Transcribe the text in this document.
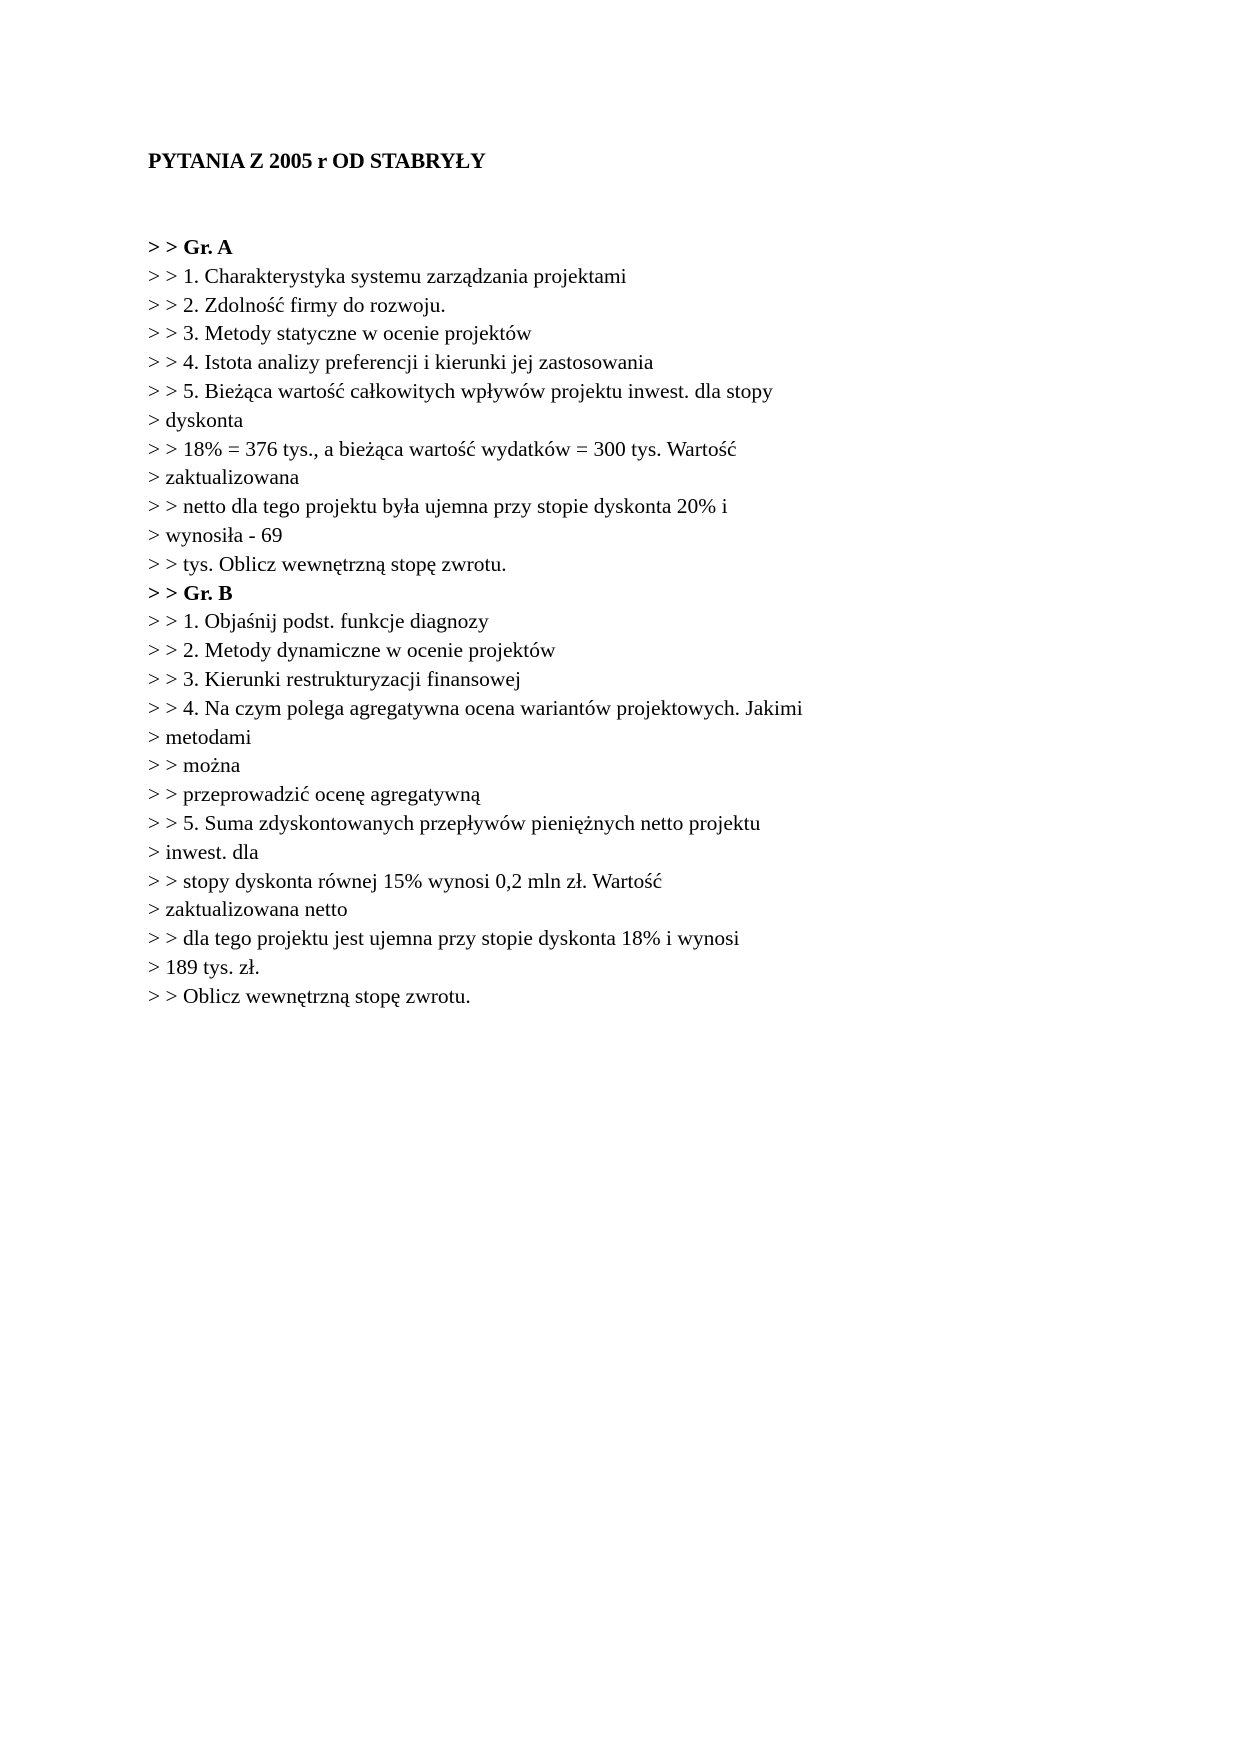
PYTANIA Z 2005 r OD STABRYŁY
> > Gr. A
> > 1. Charakterystyka systemu zarządzania projektami
> > 2. Zdolność firmy do rozwoju.
> > 3. Metody statyczne w ocenie projektów
> > 4. Istota analizy preferencji i kierunki jej zastosowania
> > 5. Bieżąca wartość całkowitych wpływów projektu inwest. dla stopy
> dyskonta
> > 18% = 376 tys., a bieżąca wartość wydatków = 300 tys. Wartość
> zaktualizowana
> > netto dla tego projektu była ujemna przy stopie dyskonta 20% i
> wynosiła - 69
> > tys. Oblicz wewnętrzną stopę zwrotu.
> > Gr. B
> > 1. Objaśnij podst. funkcje diagnozy
> > 2. Metody dynamiczne w ocenie projektów
> > 3. Kierunki restrukturyzacji finansowej
> > 4. Na czym polega agregatywna ocena wariantów projektowych. Jakimi
> metodami
> > można
> > przeprowadzić ocenę agregatywną
> > 5. Suma zdyskontowanych przepływów pieniężnych netto projektu
> inwest. dla
> > stopy dyskonta równej 15% wynosi 0,2 mln zł. Wartość
> zaktualizowana netto
> > dla tego projektu jest ujemna przy stopie dyskonta 18% i wynosi
> 189 tys. zł.
> > Oblicz wewnętrzną stopę zwrotu.
